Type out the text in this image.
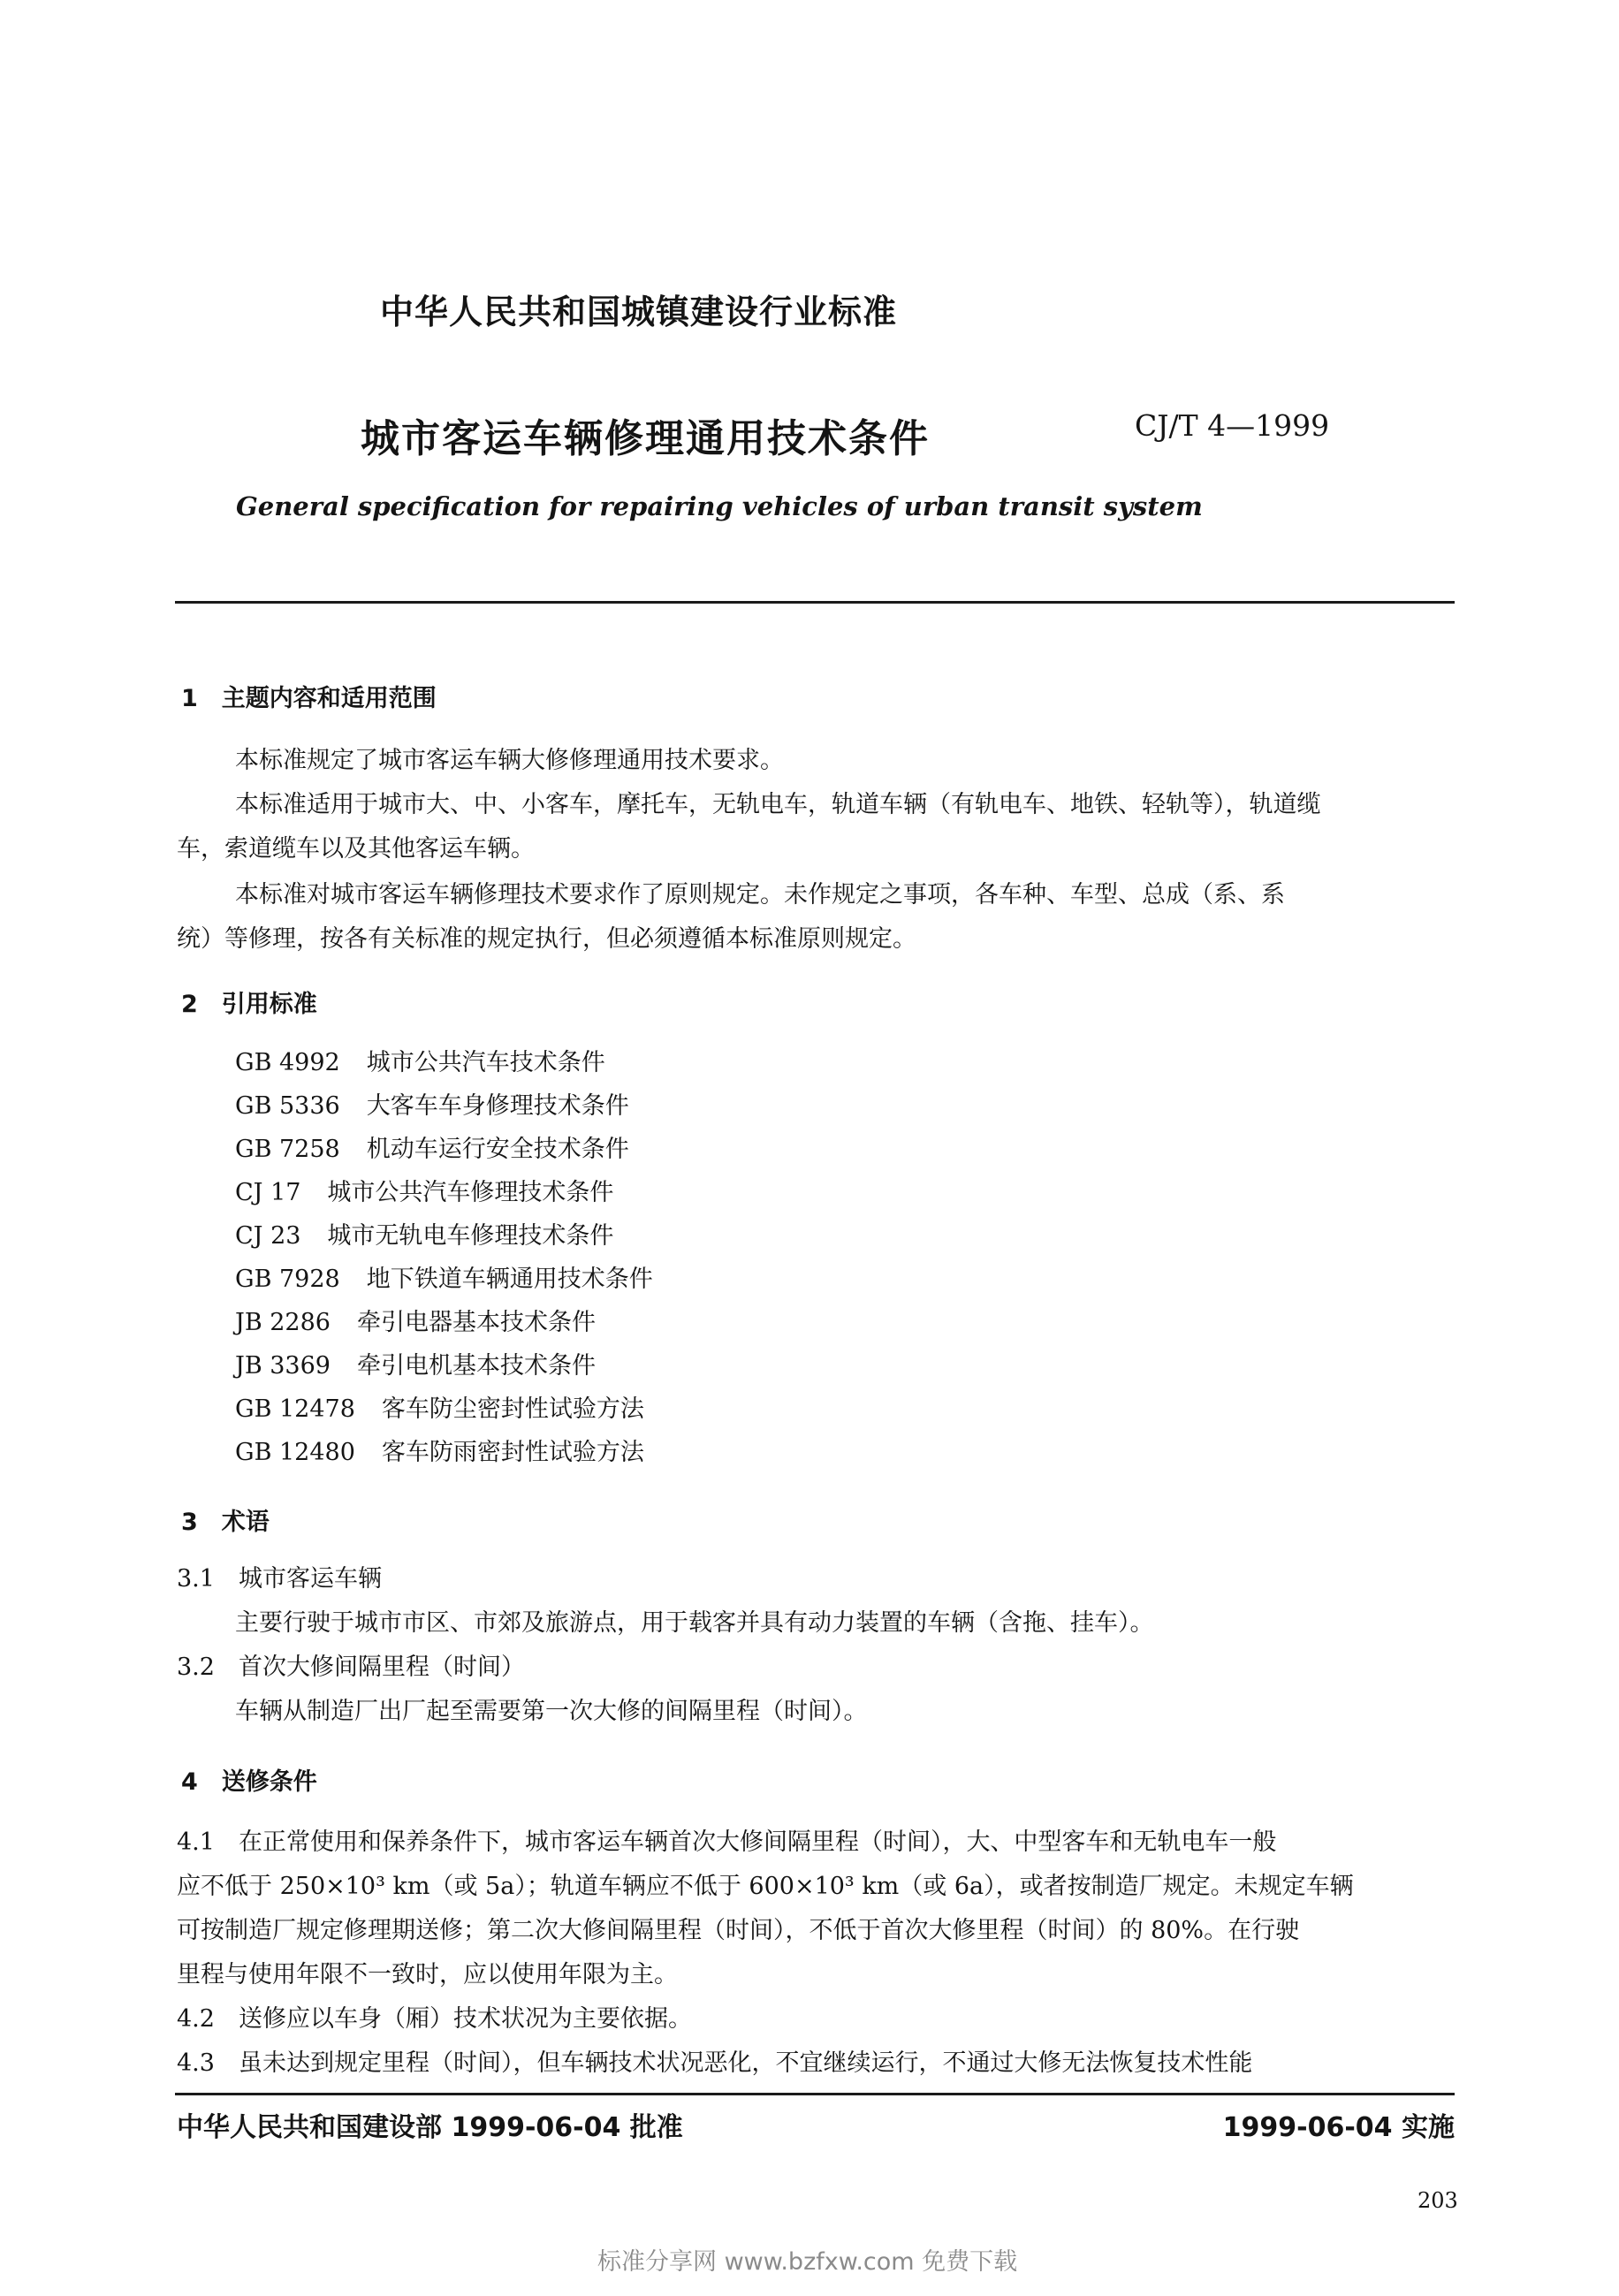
中华人民共和国城镇建设行业标准
城市客运车辆修理通用技术条件	CJ/T 4—1999
General specification for repairing vehicles of urban transit system
1　主题内容和适用范围
本标准规定了城市客运车辆大修修理通用技术要求。
本标准适用于城市大、中、小客车，摩托车，无轨电车，轨道车辆（有轨电车、地铁、轻轨等），轨道缆
车，索道缆车以及其他客运车辆。
本标准对城市客运车辆修理技术要求作了原则规定。未作规定之事项，各车种、车型、总成（系、系
统）等修理，按各有关标准的规定执行，但必须遵循本标准原则规定。
2　引用标准
GB 4992 城市公共汽车技术条件
GB 5336 大客车车身修理技术条件
GB 7258 机动车运行安全技术条件
CJ 17 城市公共汽车修理技术条件
CJ 23 城市无轨电车修理技术条件
GB 7928 地下铁道车辆通用技术条件
JB 2286 牵引电器基本技术条件
JB 3369 牵引电机基本技术条件
GB 12478 客车防尘密封性试验方法
GB 12480 客车防雨密封性试验方法
3　术语
3.1　城市客运车辆
主要行驶于城市市区、市郊及旅游点，用于载客并具有动力装置的车辆（含拖、挂车）。
3.2　首次大修间隔里程（时间）
车辆从制造厂出厂起至需要第一次大修的间隔里程（时间）。
4　送修条件
4.1　在正常使用和保养条件下，城市客运车辆首次大修间隔里程（时间），大、中型客车和无轨电车一般
应不低于 250×10³ km（或 5a）；轨道车辆应不低于 600×10³ km（或 6a），或者按制造厂规定。未规定车辆
可按制造厂规定修理期送修；第二次大修间隔里程（时间），不低于首次大修里程（时间）的 80%。在行驶
里程与使用年限不一致时，应以使用年限为主。
4.2　送修应以车身（厢）技术状况为主要依据。
4.3　虽未达到规定里程（时间），但车辆技术状况恶化，不宜继续运行，不通过大修无法恢复技术性能
中华人民共和国建设部 1999-06-04 批准	1999-06-04 实施
203
标准分享网 www.bzfxw.com 免费下载
